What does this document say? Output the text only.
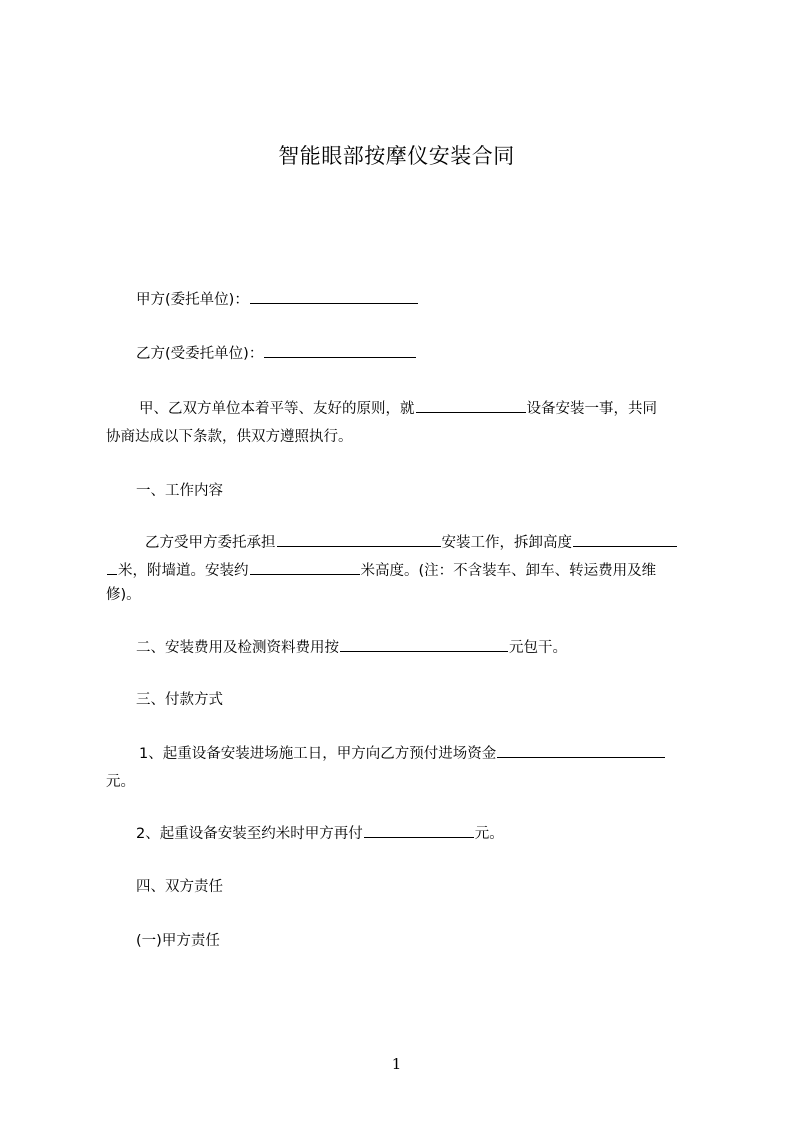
智能眼部按摩仪安装合同
甲方(委托单位)：
乙方(受委托单位)：
甲、乙双方单位本着平等、友好的原则，就	设备安装一事，共同
协商达成以下条款，供双方遵照执行。
一、工作内容
乙方受甲方委托承担	安装工作，拆卸高度
米，附墙道。安装约	米高度。(注：不含装车、卸车、转运费用及维
修)。
二、安装费用及检测资料费用按	元包干。
三、付款方式
1、起重设备安装进场施工日，甲方向乙方预付进场资金
元。
2、起重设备安装至约米时甲方再付	元。
四、双方责任
(一)甲方责任
1
